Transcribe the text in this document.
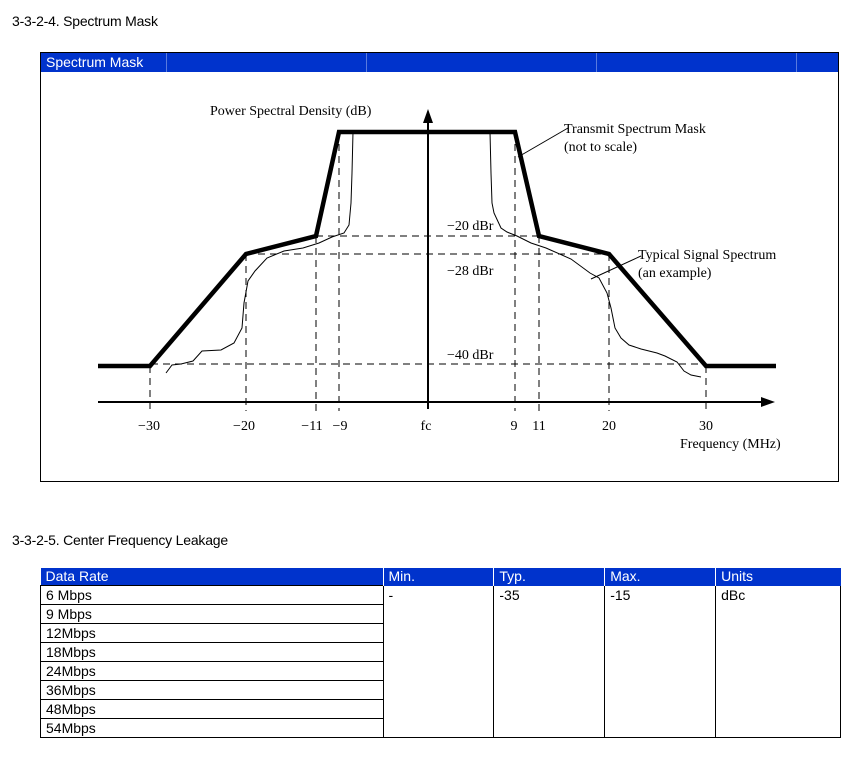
3-3-2-4. Spectrum Mask
Spectrum Mask
Power Spectral Density (dB)
Transmit Spectrum Mask
(not to scale)
Typical Signal Spectrum
(an example)
−20 dBr
−28 dBr
−40 dBr
−30	−20	−11 −9	fc	9 11	20	30
Frequency (MHz)
3-3-2-5. Center Frequency Leakage
Data Rate	Min.	Typ.	Max.	Units
6 Mbps	-	-35	-15	dBc
9 Mbps				
12Mbps				
18Mbps				
24Mbps				
36Mbps				
48Mbps				
54Mbps				
